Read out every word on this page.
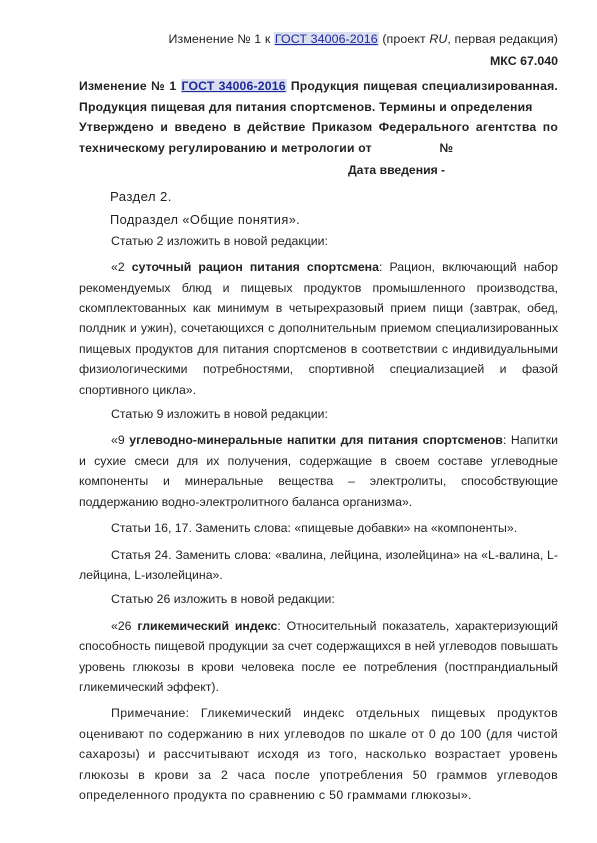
Изменение № 1 к ГОСТ 34006-2016 (проект RU, первая редакция)
МКС 67.040

Изменение № 1 ГОСТ 34006-2016 Продукция пищевая специализированная. Продукция пищевая для питания спортсменов. Термины и определения

Утверждено и введено в действие Приказом Федерального агентства по техническому регулированию и метрологии от	№

Дата введения -

Раздел 2.

Подраздел «Общие понятия».

Статью 2 изложить в новой редакции:

«2 суточный рацион питания спортсмена: Рацион, включающий набор рекомендуемых блюд и пищевых продуктов промышленного производства, скомплектованных как минимум в четырехразовый прием пищи (завтрак, обед, полдник и ужин), сочетающихся с дополнительным приемом специализированных пищевых продуктов для питания спортсменов в соответствии с индивидуальными физиологическими потребностями, спортивной специализацией и фазой спортивного цикла».

Статью 9 изложить в новой редакции:

«9 углеводно-минеральные напитки для питания спортсменов: Напитки и сухие смеси для их получения, содержащие в своем составе углеводные компоненты и минеральные вещества – электролиты, способствующие поддержанию водно-электролитного баланса организма».

Статьи 16, 17. Заменить слова: «пищевые добавки» на «компоненты».

Статья 24. Заменить слова: «валина, лейцина, изолейцина» на «L-валина, L-лейцина, L-изолейцина».

Статью 26 изложить в новой редакции:

«26 гликемический индекс: Относительный показатель, характеризующий способность пищевой продукции за счет содержащихся в ней углеводов повышать уровень глюкозы в крови человека после ее потребления (постпрандиальный гликемический эффект).

Примечание: Гликемический индекс отдельных пищевых продуктов оценивают по содержанию в них углеводов по шкале от 0 до 100 (для чистой сахарозы) и рассчитывают исходя из того, насколько возрастает уровень глюкозы в крови за 2 часа после употребления 50 граммов углеводов определенного продукта по сравнению с 50 граммами глюкозы».
